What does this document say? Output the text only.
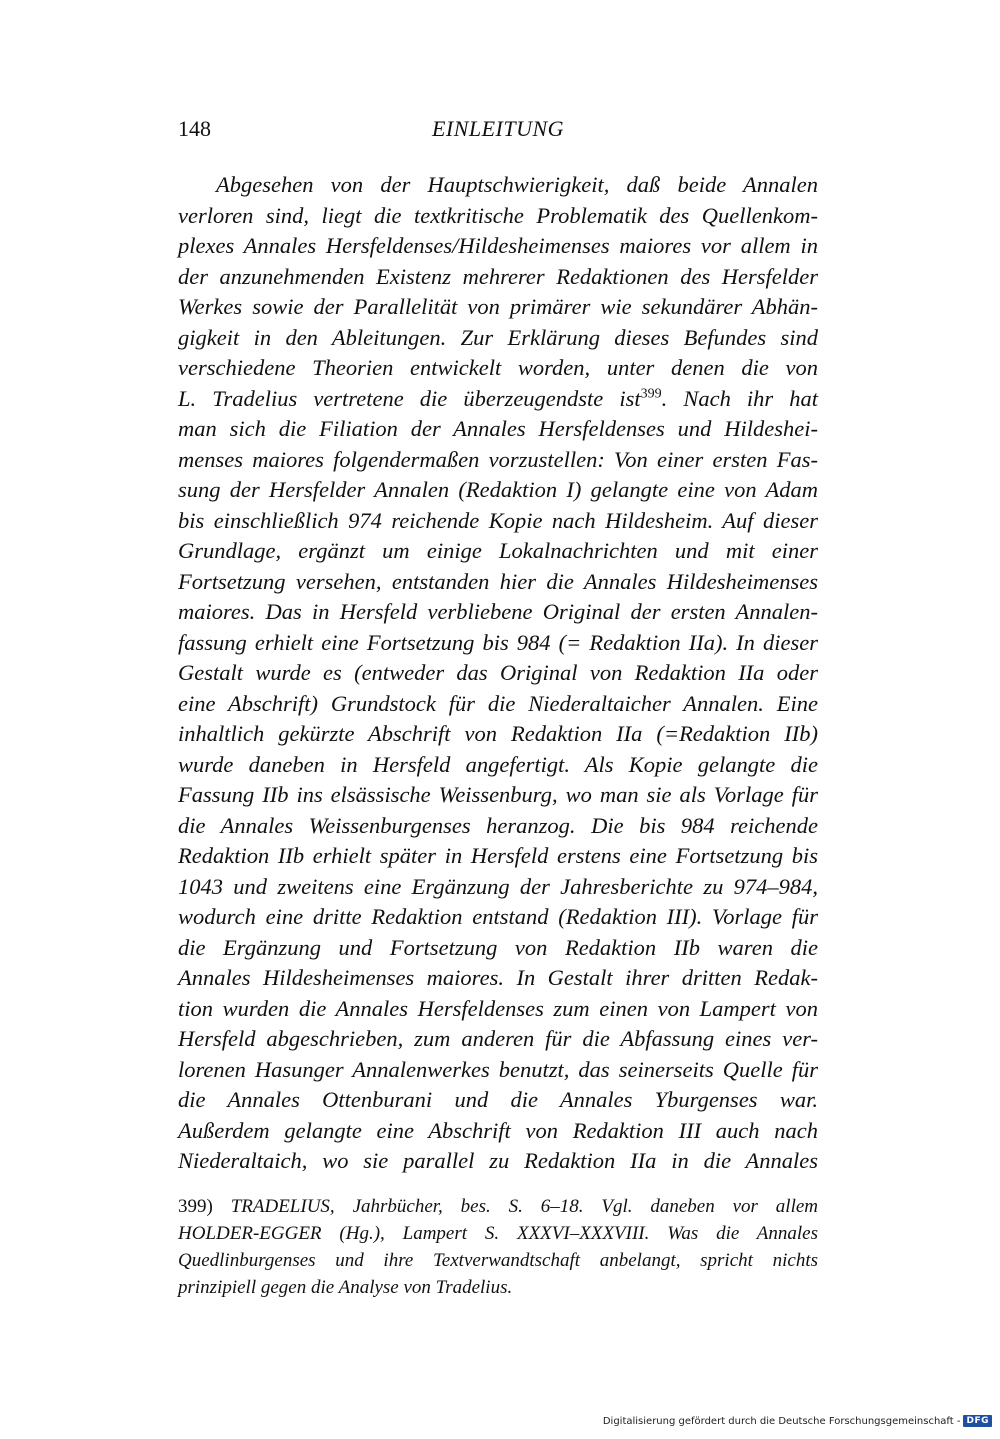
148	EINLEITUNG
Abgesehen von der Hauptschwierigkeit, daß beide Annalen
verloren sind, liegt die textkritische Problematik des Quellenkom-
plexes Annales Hersfeldenses/Hildesheimenses maiores vor allem in
der anzunehmenden Existenz mehrerer Redaktionen des Hersfelder
Werkes sowie der Parallelität von primärer wie sekundärer Abhän-
gigkeit in den Ableitungen. Zur Erklärung dieses Befundes sind
verschiedene Theorien entwickelt worden, unter denen die von
L. Tradelius vertretene die überzeugendste ist$^{399}$. Nach ihr hat
man sich die Filiation der Annales Hersfeldenses und Hildeshei-
menses maiores folgendermaßen vorzustellen: Von einer ersten Fas-
sung der Hersfelder Annalen (Redaktion I) gelangte eine von Adam
bis einschließlich 974 reichende Kopie nach Hildesheim. Auf dieser
Grundlage, ergänzt um einige Lokalnachrichten und mit einer
Fortsetzung versehen, entstanden hier die Annales Hildesheimenses
maiores. Das in Hersfeld verbliebene Original der ersten Annalen-
fassung erhielt eine Fortsetzung bis 984 (= Redaktion IIa). In dieser
Gestalt wurde es (entweder das Original von Redaktion IIa oder
eine Abschrift) Grundstock für die Niederaltaicher Annalen. Eine
inhaltlich gekürzte Abschrift von Redaktion IIa (=Redaktion IIb)
wurde daneben in Hersfeld angefertigt. Als Kopie gelangte die
Fassung IIb ins elsässische Weissenburg, wo man sie als Vorlage für
die Annales Weissenburgenses heranzog. Die bis 984 reichende
Redaktion IIb erhielt später in Hersfeld erstens eine Fortsetzung bis
1043 und zweitens eine Ergänzung der Jahresberichte zu 974–984,
wodurch eine dritte Redaktion entstand (Redaktion III). Vorlage für
die Ergänzung und Fortsetzung von Redaktion IIb waren die
Annales Hildesheimenses maiores. In Gestalt ihrer dritten Redak-
tion wurden die Annales Hersfeldenses zum einen von Lampert von
Hersfeld abgeschrieben, zum anderen für die Abfassung eines ver-
lorenen Hasunger Annalenwerkes benutzt, das seinerseits Quelle für
die Annales Ottenburani und die Annales Yburgenses war.
Außerdem gelangte eine Abschrift von Redaktion III auch nach
Niederaltaich, wo sie parallel zu Redaktion IIa in die Annales
399) TRADELIUS, Jahrbücher, bes. S. 6–18. Vgl. daneben vor allem
HOLDER-EGGER (Hg.), Lampert S. XXXVI–XXXVIII. Was die Annales
Quedlinburgenses und ihre Textverwandtschaft anbelangt, spricht nichts
prinzipiell gegen die Analyse von Tradelius.
Digitalisierung gefördert durch die Deutsche Forschungsgemeinschaft - DFG
